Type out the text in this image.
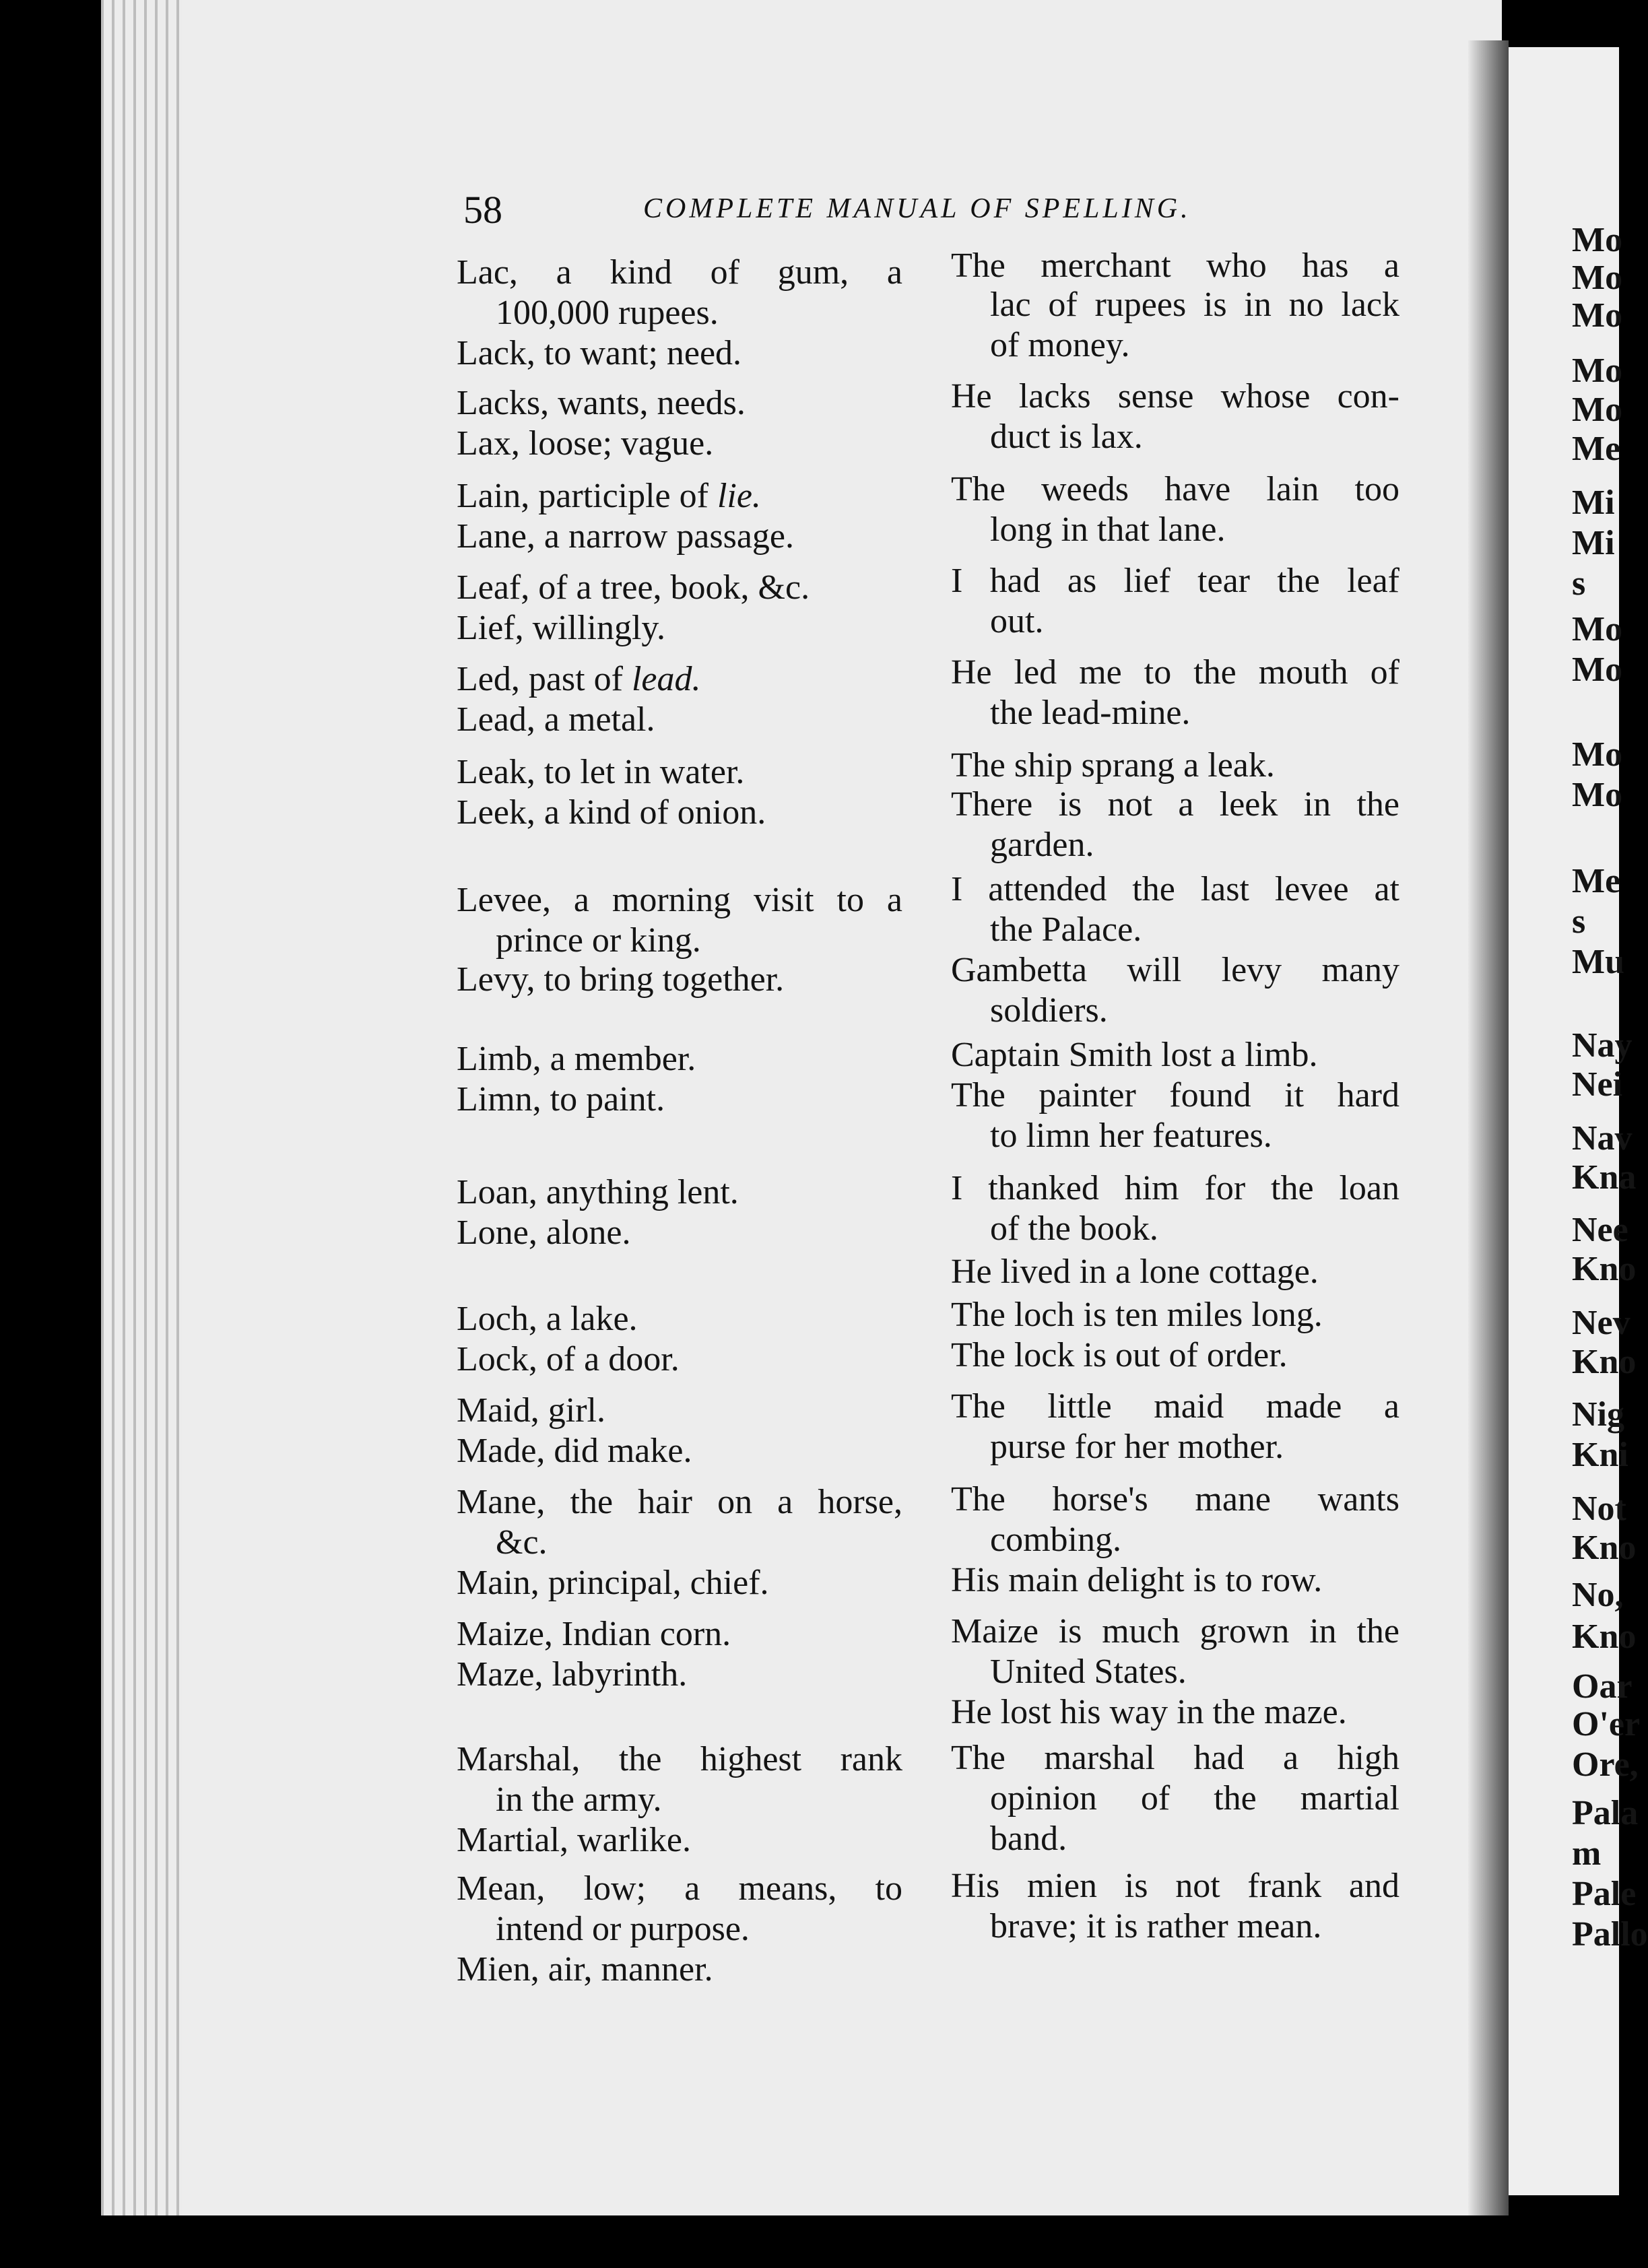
58	COMPLETE MANUAL OF SPELLING.
Lac, a kind of gum, a
100,000 rupees.
Lack, to want; need.
Lacks, wants, needs.
Lax, loose; vague.
Lain, participle of lie.
Lane, a narrow passage.
Leaf, of a tree, book, &c.
Lief, willingly.
Led, past of lead.
Lead, a metal.
Leak, to let in water.
Leek, a kind of onion.
Levee, a morning visit to a
prince or king.
Levy, to bring together.
Limb, a member.
Limn, to paint.
Loan, anything lent.
Lone, alone.
Loch, a lake.
Lock, of a door.
Maid, girl.
Made, did make.
Mane, the hair on a horse,
&c.
Main, principal, chief.
Maize, Indian corn.
Maze, labyrinth.
Marshal, the highest rank
in the army.
Martial, warlike.
Mean, low; a means, to
intend or purpose.
Mien, air, manner.
The merchant who has a
lac of rupees is in no lack
of money.
He lacks sense whose con-
duct is lax.
The weeds have lain too
long in that lane.
I had as lief tear the leaf
out.
He led me to the mouth of
the lead-mine.
The ship sprang a leak.
There is not a leek in the
garden.
I attended the last levee at
the Palace.
Gambetta will levy many
soldiers.
Captain Smith lost a limb.
The painter found it hard
to limn her features.
I thanked him for the loan
of the book.
He lived in a lone cottage.
The loch is ten miles long.
The lock is out of order.
The little maid made a
purse for her mother.
The horse's mane wants
combing.
His main delight is to row.
Maize is much grown in the
United States.
He lost his way in the maze.
The marshal had a high
opinion of the martial
band.
His mien is not frank and
brave; it is rather mean.
Mo
Mo
Mo
Mo
Mo
Me
Mi
Mi
s
Mo
Mo
Mo
Mo
Me
s
Mu
Nay
Nei
Nav
Kna
Nee
Kno
Nev
Kno
Nig
Kni
Not
Kno
No,
Kno
Oar
O'er
Ore,
Pala
m
Pale
Pallo
